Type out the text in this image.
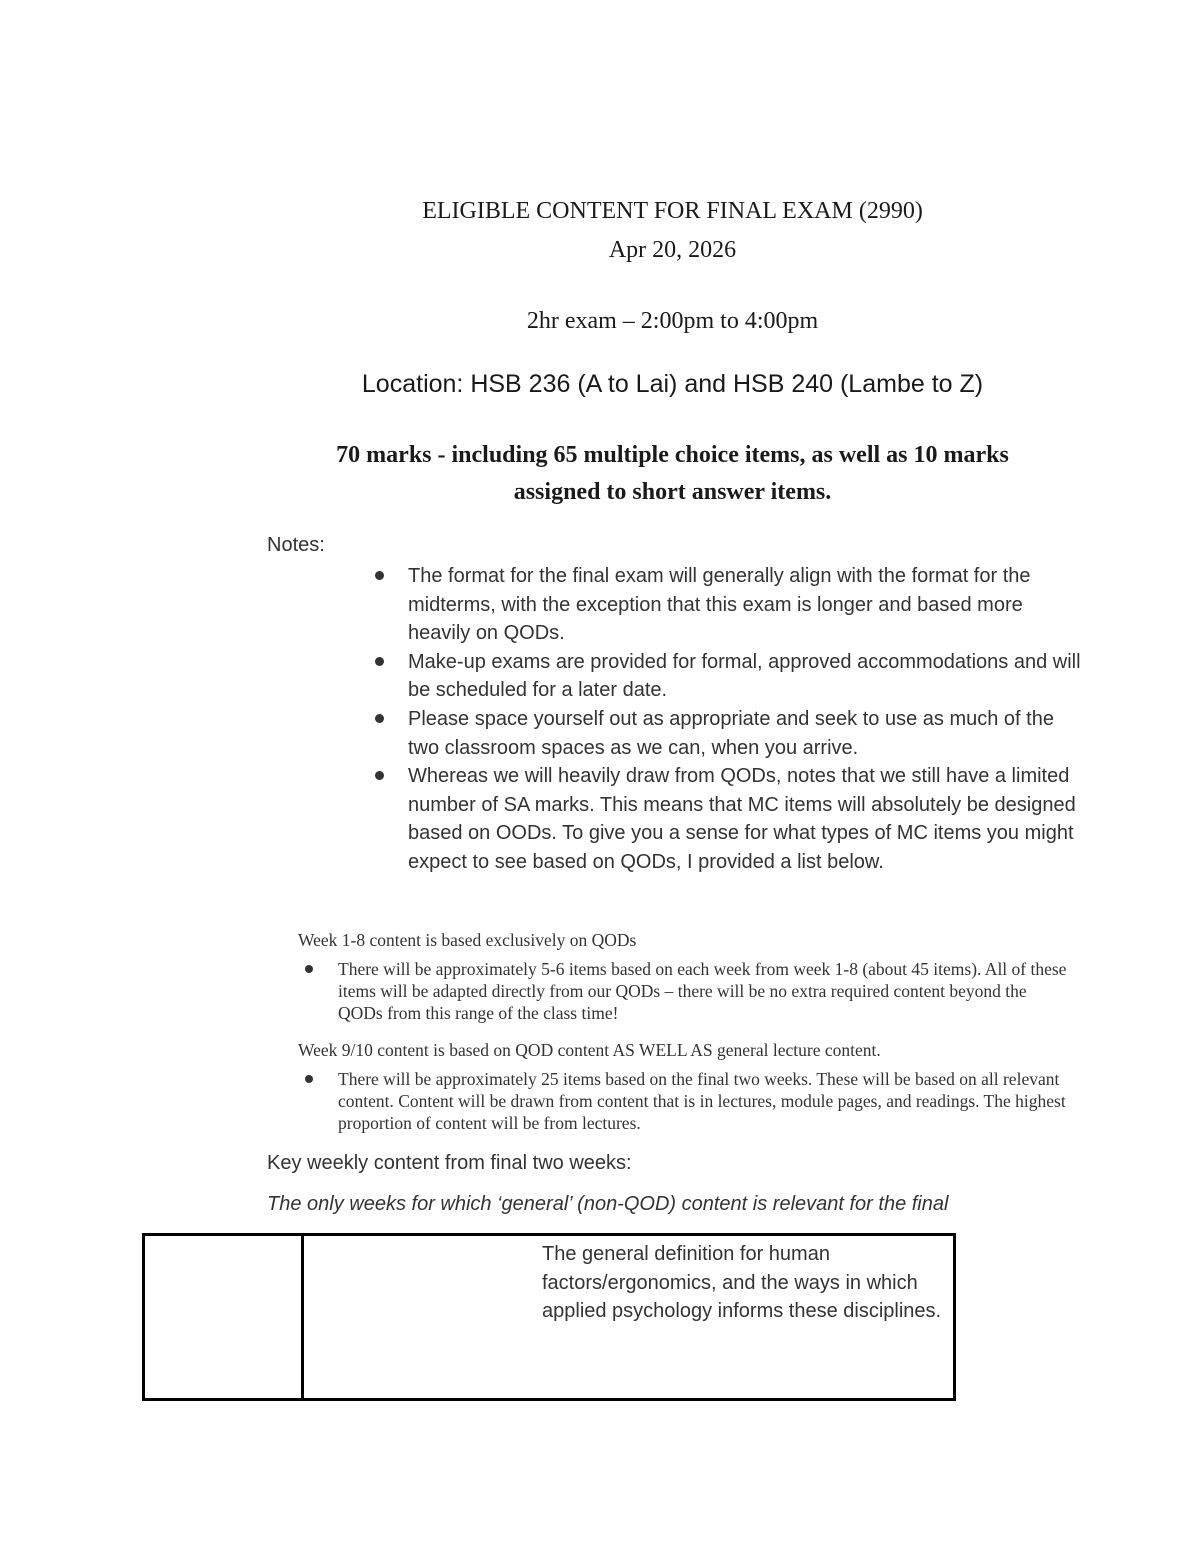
ELIGIBLE CONTENT FOR FINAL EXAM (2990)
Apr 20, 2026
2hr exam – 2:00pm to 4:00pm
Location: HSB 236 (A to Lai) and HSB 240 (Lambe to Z)
70 marks - including 65 multiple choice items, as well as 10 marks
assigned to short answer items.
Notes:
The format for the final exam will generally align with the format for the midterms, with the exception that this exam is longer and based more heavily on QODs.
Make-up exams are provided for formal, approved accommodations and will be scheduled for a later date.
Please space yourself out as appropriate and seek to use as much of the two classroom spaces as we can, when you arrive.
Whereas we will heavily draw from QODs, notes that we still have a limited number of SA marks. This means that MC items will absolutely be designed based on OODs. To give you a sense for what types of MC items you might expect to see based on QODs, I provided a list below.
Week 1-8 content is based exclusively on QODs
There will be approximately 5-6 items based on each week from week 1-8 (about 45 items). All of these items will be adapted directly from our QODs – there will be no extra required content beyond the QODs from this range of the class time!
Week 9/10 content is based on QOD content AS WELL AS general lecture content.
There will be approximately 25 items based on the final two weeks. These will be based on all relevant content. Content will be drawn from content that is in lectures, module pages, and readings. The highest proportion of content will be from lectures.
Key weekly content from final two weeks:
The only weeks for which ‘general’ (non-QOD) content is relevant for the final
The general definition for human factors/ergonomics, and the ways in which applied psychology informs these disciplines.
